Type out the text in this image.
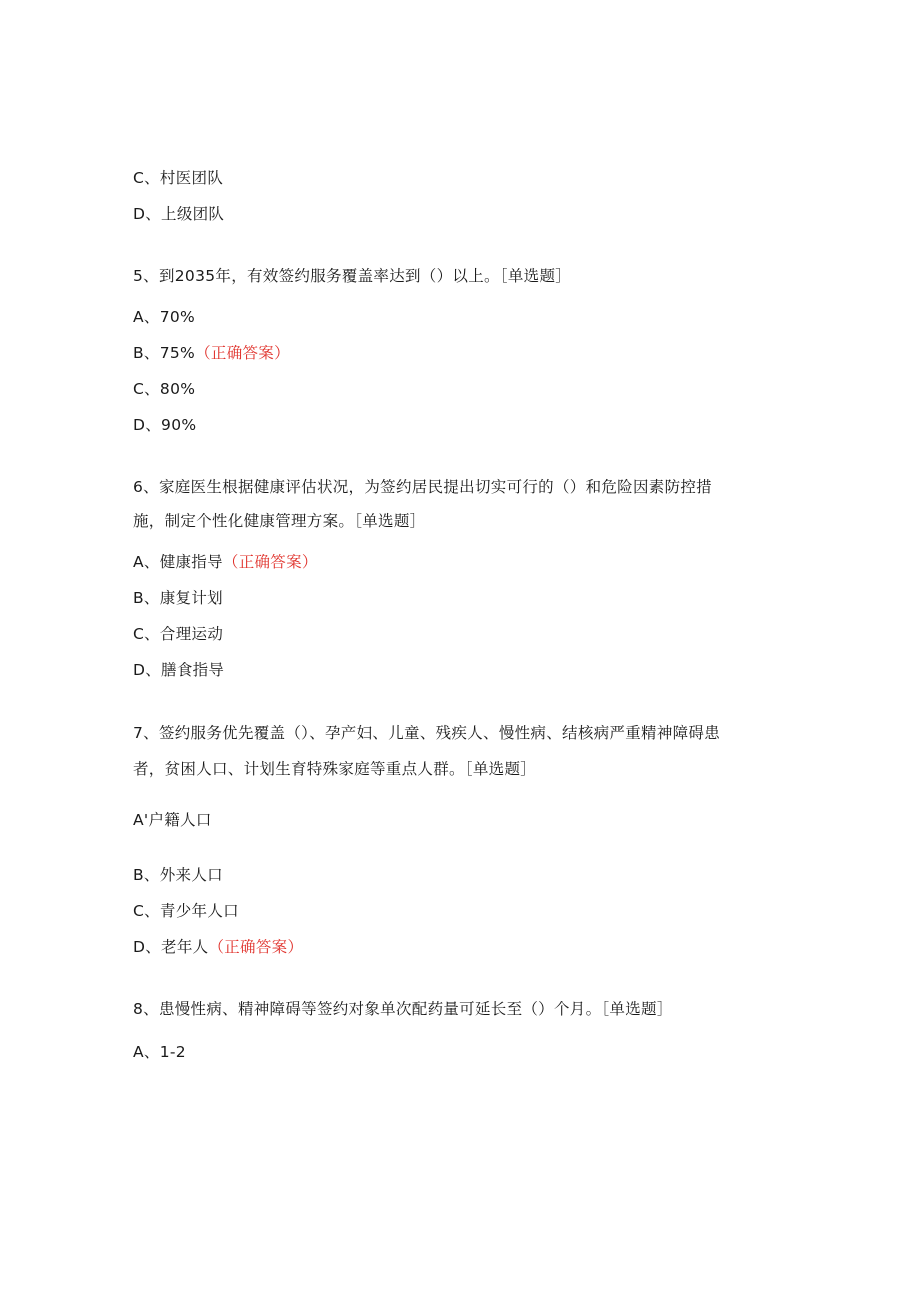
C、村医团队
D、上级团队
5、到2035年，有效签约服务覆盖率达到（）以上。［单选题］
A、70%
B、75%（正确答案）
C、80%
D、90%
6、家庭医生根据健康评估状况，为签约居民提出切实可行的（）和危险因素防控措
施，制定个性化健康管理方案。［单选题］
A、健康指导（正确答案）
B、康复计划
C、合理运动
D、膳食指导
7、签约服务优先覆盖（）、孕产妇、儿童、残疾人、慢性病、结核病严重精神障碍患
者，贫困人口、计划生育特殊家庭等重点人群。［单选题］
A'户籍人口
B、外来人口
C、青少年人口
D、老年人（正确答案）
8、患慢性病、精神障碍等签约对象单次配药量可延长至（）个月。［单选题］
A、1-2
